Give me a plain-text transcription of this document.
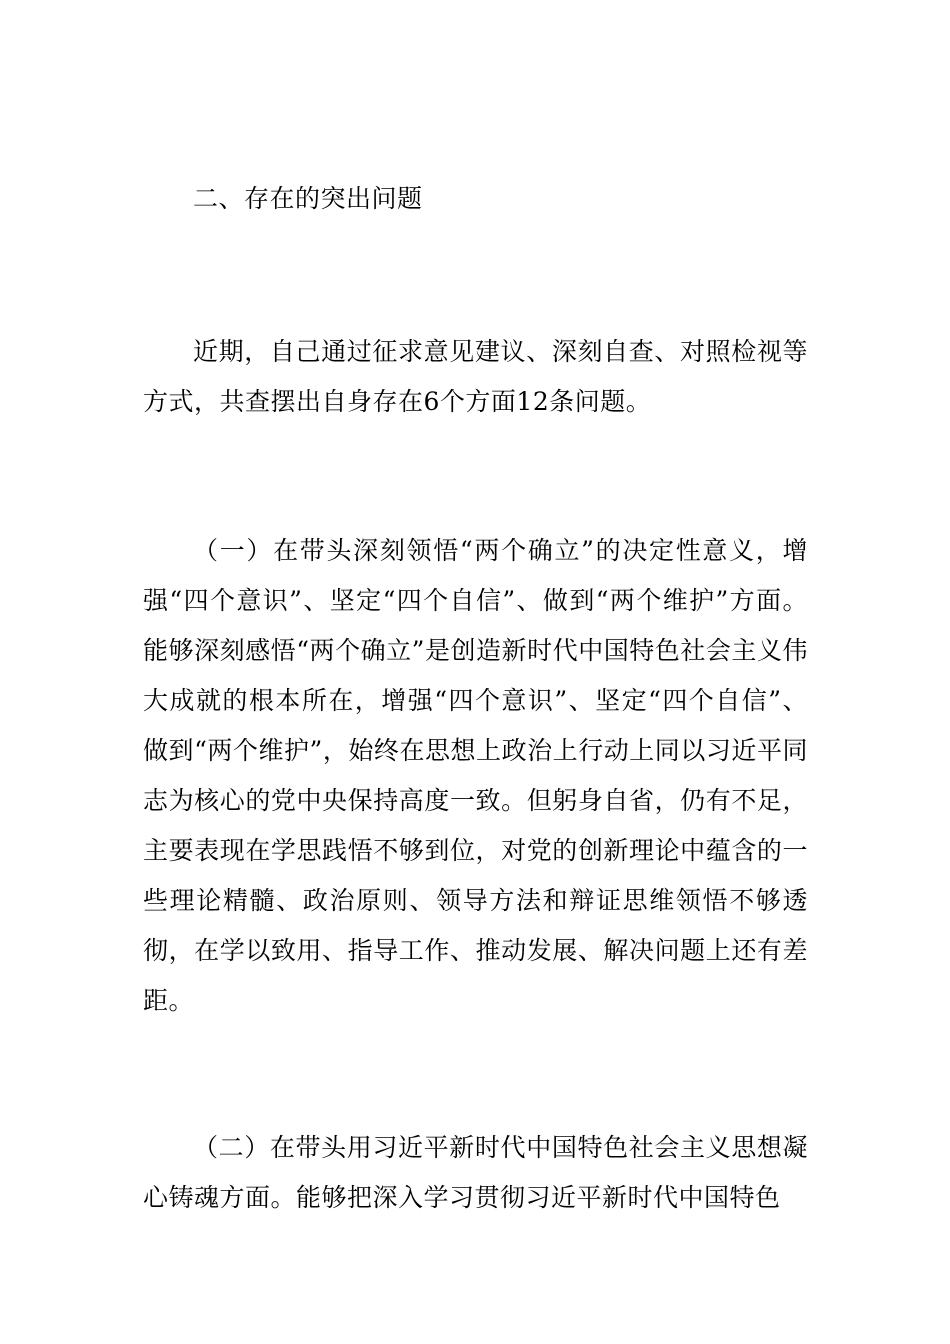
二、存在的突出问题

近期，自己通过征求意见建议、深刻自查、对照检视等方式，共查摆出自身存在6个方面12条问题。

（一）在带头深刻领悟“两个确立”的决定性意义，增强“四个意识”、坚定“四个自信”、做到“两个维护”方面。能够深刻感悟“两个确立”是创造新时代中国特色社会主义伟大成就的根本所在，增强“四个意识”、坚定“四个自信”、做到“两个维护”，始终在思想上政治上行动上同以习近平同志为核心的党中央保持高度一致。但躬身自省，仍有不足，主要表现在学思践悟不够到位，对党的创新理论中蕴含的一些理论精髓、政治原则、领导方法和辩证思维领悟不够透彻，在学以致用、指导工作、推动发展、解决问题上还有差距。

（二）在带头用习近平新时代中国特色社会主义思想凝心铸魂方面。能够把深入学习贯彻习近平新时代中国特色
